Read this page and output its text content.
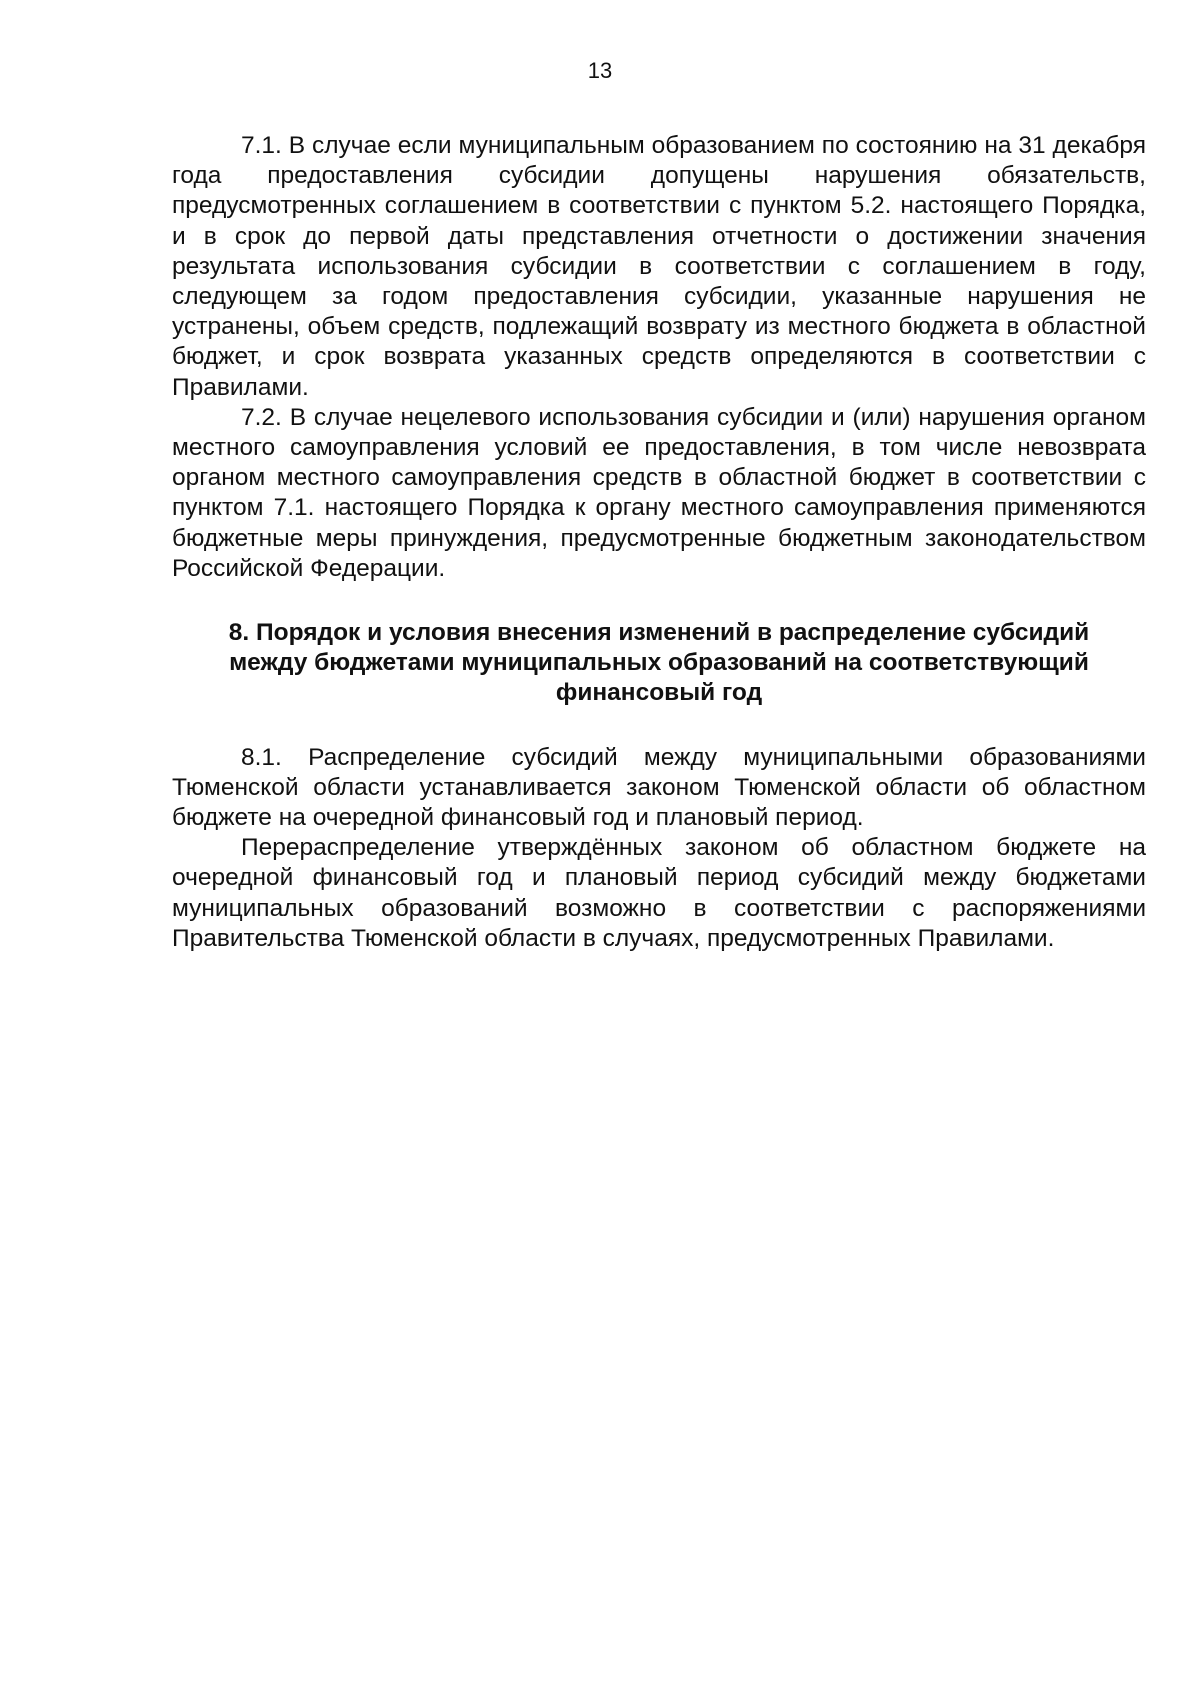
13

7.1. В случае если муниципальным образованием по состоянию на 31 декабря года предоставления субсидии допущены нарушения обязательств, предусмотренных соглашением в соответствии с пунктом 5.2. настоящего Порядка, и в срок до первой даты представления отчетности о достижении значения результата использования субсидии в соответствии с соглашением в году, следующем за годом предоставления субсидии, указанные нарушения не устранены, объем средств, подлежащий возврату из местного бюджета в областной бюджет, и срок возврата указанных средств определяются в соответствии с Правилами.

7.2. В случае нецелевого использования субсидии и (или) нарушения органом местного самоуправления условий ее предоставления, в том числе невозврата органом местного самоуправления средств в областной бюджет в соответствии с пунктом 7.1. настоящего Порядка к органу местного самоуправления применяются бюджетные меры принуждения, предусмотренные бюджетным законодательством Российской Федерации.

8. Порядок и условия внесения изменений в распределение субсидий между бюджетами муниципальных образований на соответствующий финансовый год

8.1. Распределение субсидий между муниципальными образованиями Тюменской области устанавливается законом Тюменской области об областном бюджете на очередной финансовый год и плановый период.

Перераспределение утверждённых законом об областном бюджете на очередной финансовый год и плановый период субсидий между бюджетами муниципальных образований возможно в соответствии с распоряжениями Правительства Тюменской области в случаях, предусмотренных Правилами.
